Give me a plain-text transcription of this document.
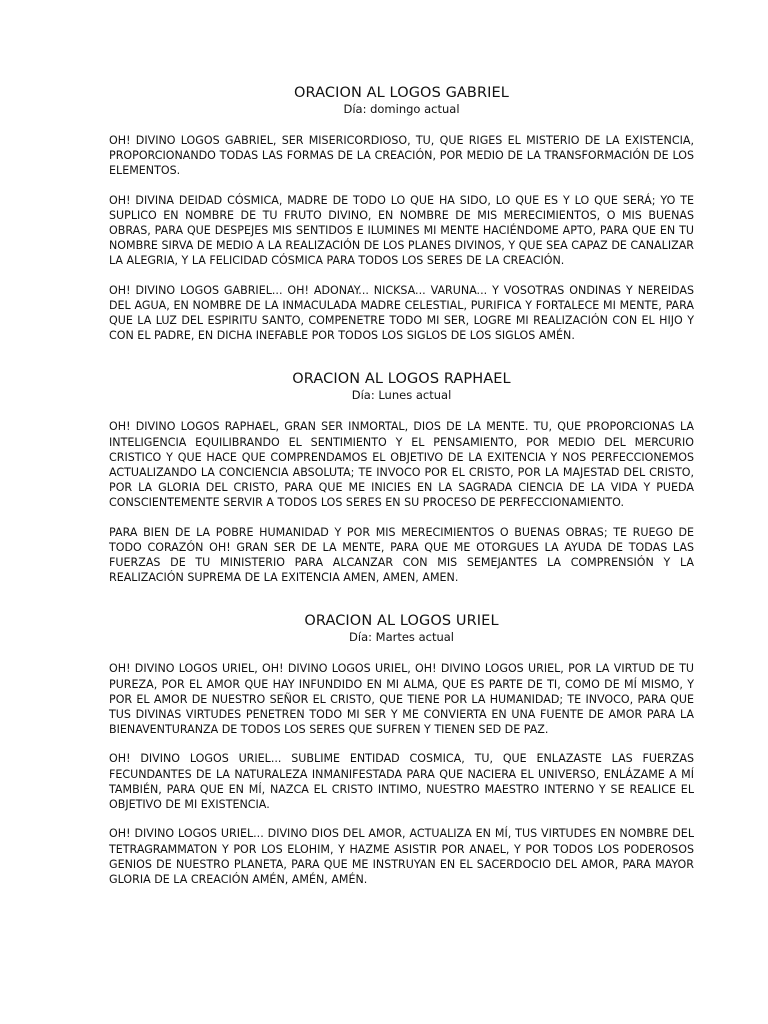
ORACION AL LOGOS GABRIEL

Día: domingo actual

OH! DIVINO LOGOS GABRIEL, SER MISERICORDIOSO, TU, QUE RIGES EL MISTERIO DE LA EXISTENCIA, PROPORCIONANDO TODAS LAS FORMAS DE LA CREACIÓN, POR MEDIO DE LA TRANSFORMACIÓN DE LOS ELEMENTOS.

OH! DIVINA DEIDAD CÓSMICA, MADRE DE TODO LO QUE HA SIDO, LO QUE ES Y LO QUE SERÁ; YO TE SUPLICO EN NOMBRE DE TU FRUTO DIVINO, EN NOMBRE DE MIS MERECIMIENTOS, O MIS BUENAS OBRAS, PARA QUE DESPEJES MIS SENTIDOS E ILUMINES MI MENTE HACIÉNDOME APTO, PARA QUE EN TU NOMBRE SIRVA DE MEDIO A LA REALIZACIÓN DE LOS PLANES DIVINOS, Y QUE SEA CAPAZ DE CANALIZAR LA ALEGRIA, Y LA FELICIDAD CÓSMICA PARA TODOS LOS SERES DE LA CREACIÓN.

OH! DIVINO LOGOS GABRIEL... OH! ADONAY... NICKSA... VARUNA... Y VOSOTRAS ONDINAS Y NEREIDAS DEL AGUA, EN NOMBRE DE LA INMACULADA MADRE CELESTIAL, PURIFICA Y FORTALECE MI MENTE, PARA QUE LA LUZ DEL ESPIRITU SANTO, COMPENETRE TODO MI SER, LOGRE MI REALIZACIÓN CON EL HIJO Y CON EL PADRE, EN DICHA INEFABLE POR TODOS LOS SIGLOS DE LOS SIGLOS AMÉN.

ORACION AL LOGOS RAPHAEL

Día: Lunes actual

OH! DIVINO LOGOS RAPHAEL, GRAN SER INMORTAL, DIOS DE LA MENTE. TU, QUE PROPORCIONAS LA INTELIGENCIA EQUILIBRANDO EL SENTIMIENTO Y EL PENSAMIENTO, POR MEDIO DEL MERCURIO CRISTICO Y QUE HACE QUE COMPRENDAMOS EL OBJETIVO DE LA EXITENCIA Y NOS PERFECCIONEMOS ACTUALIZANDO LA CONCIENCIA ABSOLUTA; TE INVOCO POR EL CRISTO, POR LA MAJESTAD DEL CRISTO, POR LA GLORIA DEL CRISTO, PARA QUE ME INICIES EN LA SAGRADA CIENCIA DE LA VIDA Y PUEDA CONSCIENTEMENTE SERVIR A TODOS LOS SERES EN SU PROCESO DE PERFECCIONAMIENTO.

PARA BIEN DE LA POBRE HUMANIDAD Y POR MIS MERECIMIENTOS O BUENAS OBRAS; TE RUEGO DE TODO CORAZÓN OH! GRAN SER DE LA MENTE, PARA QUE ME OTORGUES LA AYUDA DE TODAS LAS FUERZAS DE TU MINISTERIO PARA ALCANZAR CON MIS SEMEJANTES LA COMPRENSIÓN Y LA REALIZACIÓN SUPREMA DE LA EXITENCIA AMEN, AMEN, AMEN.

ORACION AL LOGOS URIEL

Día: Martes actual

OH! DIVINO LOGOS URIEL, OH! DIVINO LOGOS URIEL, OH! DIVINO LOGOS URIEL, POR LA VIRTUD DE TU PUREZA, POR EL AMOR QUE HAY INFUNDIDO EN MI ALMA, QUE ES PARTE DE TI, COMO DE MÍ MISMO, Y POR EL AMOR DE NUESTRO SEÑOR EL CRISTO, QUE TIENE POR LA HUMANIDAD; TE INVOCO, PARA QUE TUS DIVINAS VIRTUDES PENETREN TODO MI SER Y ME CONVIERTA EN UNA FUENTE DE AMOR PARA LA BIENAVENTURANZA DE TODOS LOS SERES QUE SUFREN Y TIENEN SED DE PAZ.

OH! DIVINO LOGOS URIEL... SUBLIME ENTIDAD COSMICA, TU, QUE ENLAZASTE LAS FUERZAS FECUNDANTES DE LA NATURALEZA INMANIFESTADA PARA QUE NACIERA EL UNIVERSO, ENLÁZAME A MÍ TAMBIÉN, PARA QUE EN MÍ, NAZCA EL CRISTO INTIMO, NUESTRO MAESTRO INTERNO Y SE REALICE EL OBJETIVO DE MI EXISTENCIA.

OH! DIVINO LOGOS URIEL... DIVINO DIOS DEL AMOR, ACTUALIZA EN MÍ, TUS VIRTUDES EN NOMBRE DEL TETRAGRAMMATON Y POR LOS ELOHIM, Y HAZME ASISTIR POR ANAEL, Y POR TODOS LOS PODEROSOS GENIOS DE NUESTRO PLANETA, PARA QUE ME INSTRUYAN EN EL SACERDOCIO DEL AMOR, PARA MAYOR GLORIA DE LA CREACIÓN AMÉN, AMÉN, AMÉN.
